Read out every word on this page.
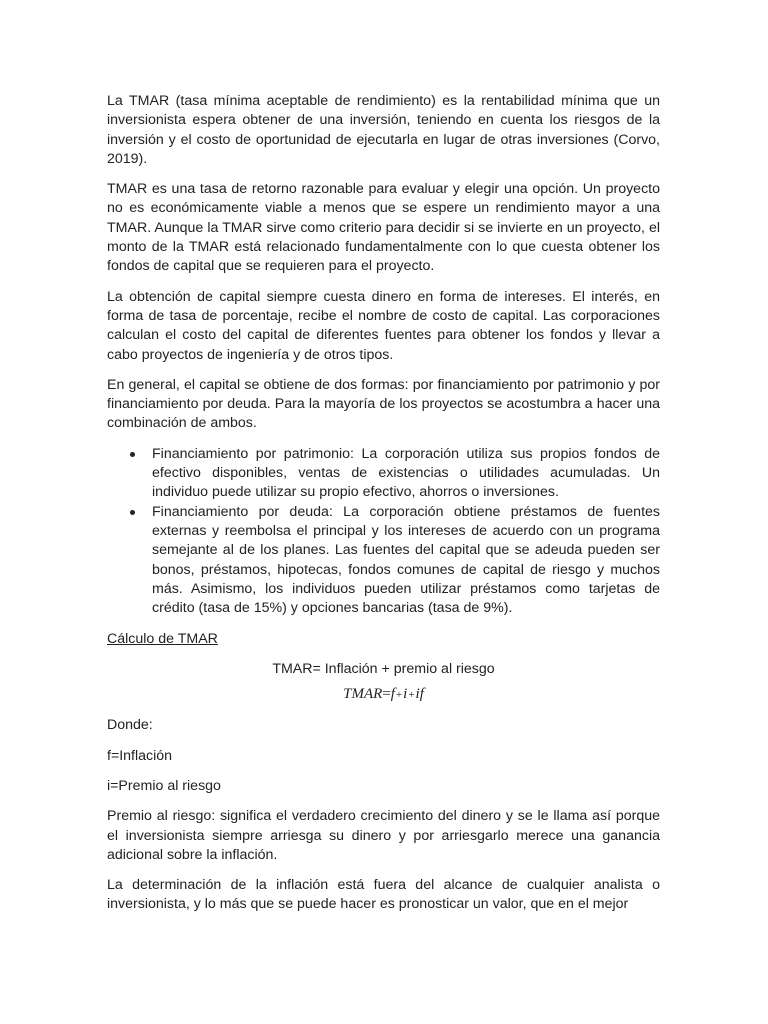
La TMAR (tasa mínima aceptable de rendimiento) es la rentabilidad mínima que un inversionista espera obtener de una inversión, teniendo en cuenta los riesgos de la inversión y el costo de oportunidad de ejecutarla en lugar de otras inversiones (Corvo, 2019).

TMAR es una tasa de retorno razonable para evaluar y elegir una opción. Un proyecto no es económicamente viable a menos que se espere un rendimiento mayor a una TMAR. Aunque la TMAR sirve como criterio para decidir si se invierte en un proyecto, el monto de la TMAR está relacionado fundamentalmente con lo que cuesta obtener los fondos de capital que se requieren para el proyecto.

La obtención de capital siempre cuesta dinero en forma de intereses. El interés, en forma de tasa de porcentaje, recibe el nombre de costo de capital. Las corporaciones calculan el costo del capital de diferentes fuentes para obtener los fondos y llevar a cabo proyectos de ingeniería y de otros tipos.

En general, el capital se obtiene de dos formas: por financiamiento por patrimonio y por financiamiento por deuda. Para la mayoría de los proyectos se acostumbra a hacer una combinación de ambos.

Financiamiento por patrimonio: La corporación utiliza sus propios fondos de efectivo disponibles, ventas de existencias o utilidades acumuladas. Un individuo puede utilizar su propio efectivo, ahorros o inversiones.
Financiamiento por deuda: La corporación obtiene préstamos de fuentes externas y reembolsa el principal y los intereses de acuerdo con un programa semejante al de los planes. Las fuentes del capital que se adeuda pueden ser bonos, préstamos, hipotecas, fondos comunes de capital de riesgo y muchos más. Asimismo, los individuos pueden utilizar préstamos como tarjetas de crédito (tasa de 15%) y opciones bancarias (tasa de 9%).

Cálculo de TMAR

TMAR= Inflación + premio al riesgo

TMAR=f+i+if

Donde:

f=Inflación

i=Premio al riesgo

Premio al riesgo: significa el verdadero crecimiento del dinero y se le llama así porque el inversionista siempre arriesga su dinero y por arriesgarlo merece una ganancia adicional sobre la inflación.

La determinación de la inflación está fuera del alcance de cualquier analista o inversionista, y lo más que se puede hacer es pronosticar un valor, que en el mejor
